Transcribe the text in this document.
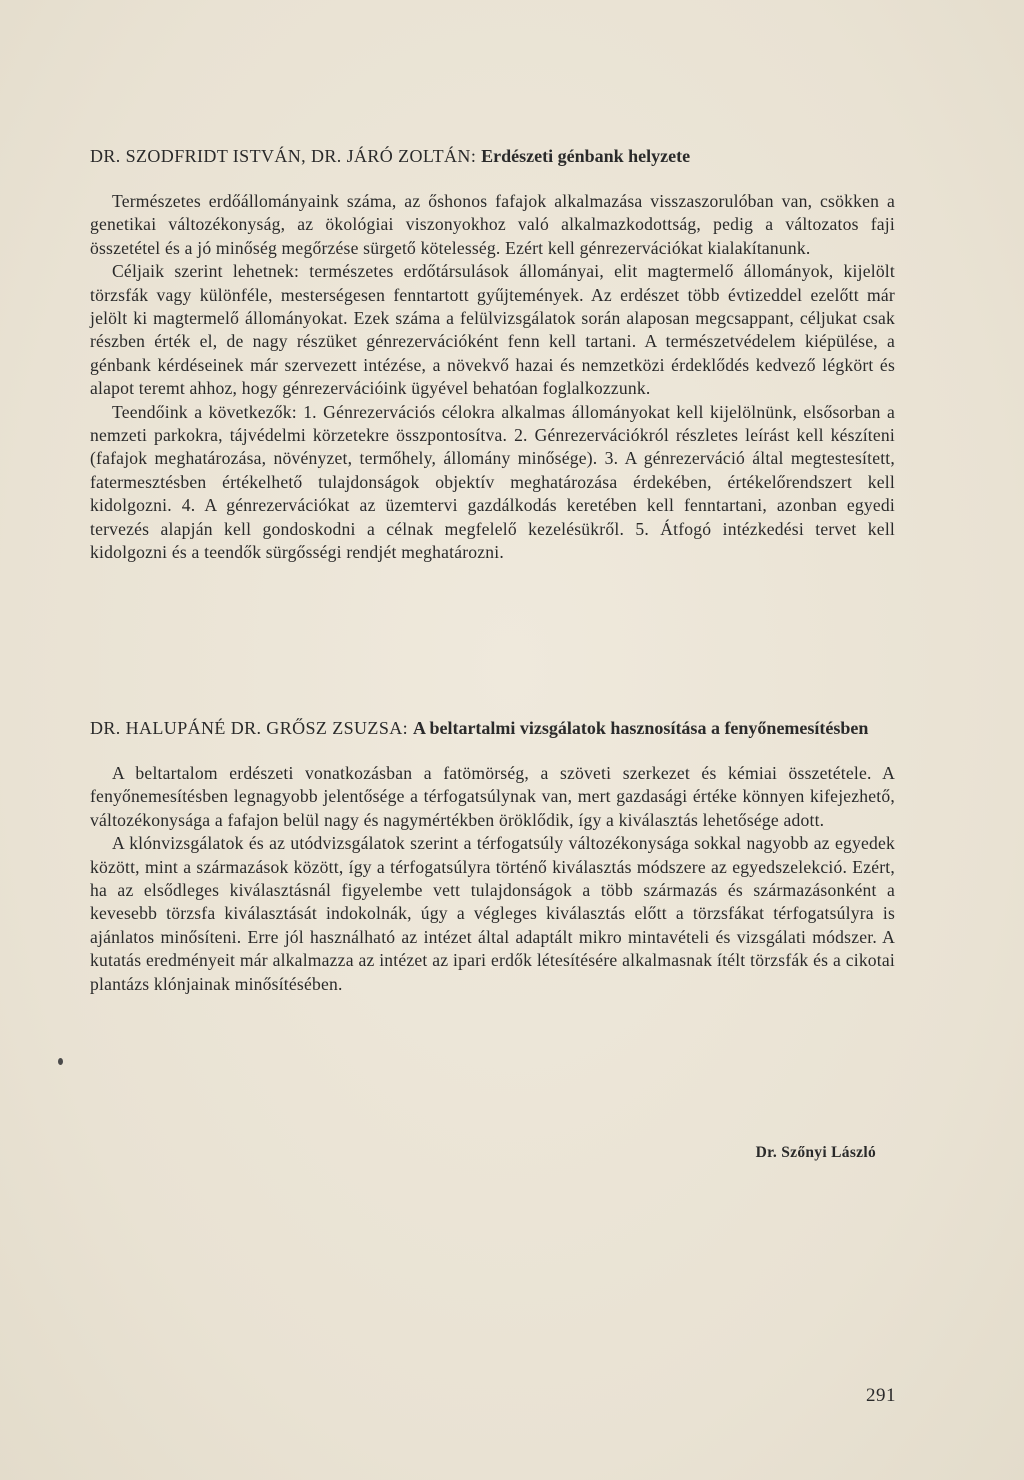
DR. SZODFRIDT ISTVÁN, DR. JÁRÓ ZOLTÁN: Erdészeti génbank helyzete

Természetes erdőállományaink száma, az őshonos fafajok alkalmazása visszaszorulóban van, csökken a genetikai változékonyság, az ökológiai viszonyokhoz való alkalmazkodottság, pedig a változatos faji összetétel és a jó minőség megőrzése sürgető kötelesség. Ezért kell génrezervációkat kialakítanunk.

Céljaik szerint lehetnek: természetes erdőtársulások állományai, elit magtermelő állományok, kijelölt törzsfák vagy különféle, mesterségesen fenntartott gyűjtemények. Az erdészet több évtizeddel ezelőtt már jelölt ki magtermelő állományokat. Ezek száma a felülvizsgálatok során alaposan megcsappant, céljukat csak részben érték el, de nagy részüket génrezervációként fenn kell tartani. A természetvédelem kiépülése, a génbank kérdéseinek már szervezett intézése, a növekvő hazai és nemzetközi érdeklődés kedvező légkört és alapot teremt ahhoz, hogy génrezervációink ügyével behatóan foglalkozzunk.

Teendőink a következők: 1. Génrezervációs célokra alkalmas állományokat kell kijelölnünk, elsősorban a nemzeti parkokra, tájvédelmi körzetekre összpontosítva. 2. Génrezervációkról részletes leírást kell készíteni (fafajok meghatározása, növényzet, termőhely, állomány minősége). 3. A génrezerváció által megtestesített, fatermesztésben értékelhető tulajdonságok objektív meghatározása érdekében, értékelőrendszert kell kidolgozni. 4. A génrezervációkat az üzemtervi gazdálkodás keretében kell fenntartani, azonban egyedi tervezés alapján kell gondoskodni a célnak megfelelő kezelésükről. 5. Átfogó intézkedési tervet kell kidolgozni és a teendők sürgősségi rendjét meghatározni.

DR. HALUPÁNÉ DR. GRŐSZ ZSUZSA: A beltartalmi vizsgálatok hasznosítása a fenyőnemesítésben

A beltartalom erdészeti vonatkozásban a fatömörség, a szöveti szerkezet és kémiai összetétele. A fenyőnemesítésben legnagyobb jelentősége a térfogatsúlynak van, mert gazdasági értéke könnyen kifejezhető, változékonysága a fafajon belül nagy és nagymértékben öröklődik, így a kiválasztás lehetősége adott.

A klónvizsgálatok és az utódvizsgálatok szerint a térfogatsúly változékonysága sokkal nagyobb az egyedek között, mint a származások között, így a térfogatsúlyra történő kiválasztás módszere az egyedszelekció. Ezért, ha az elsődleges kiválasztásnál figyelembe vett tulajdonságok a több származás és származásonként a kevesebb törzsfa kiválasztását indokolnák, úgy a végleges kiválasztás előtt a törzsfákat térfogatsúlyra is ajánlatos minősíteni. Erre jól használható az intézet által adaptált mikro mintavételi és vizsgálati módszer. A kutatás eredményeit már alkalmazza az intézet az ipari erdők létesítésére alkalmasnak ítélt törzsfák és a cikotai plantázs klónjainak minősítésében.

Dr. Szőnyi László
291
